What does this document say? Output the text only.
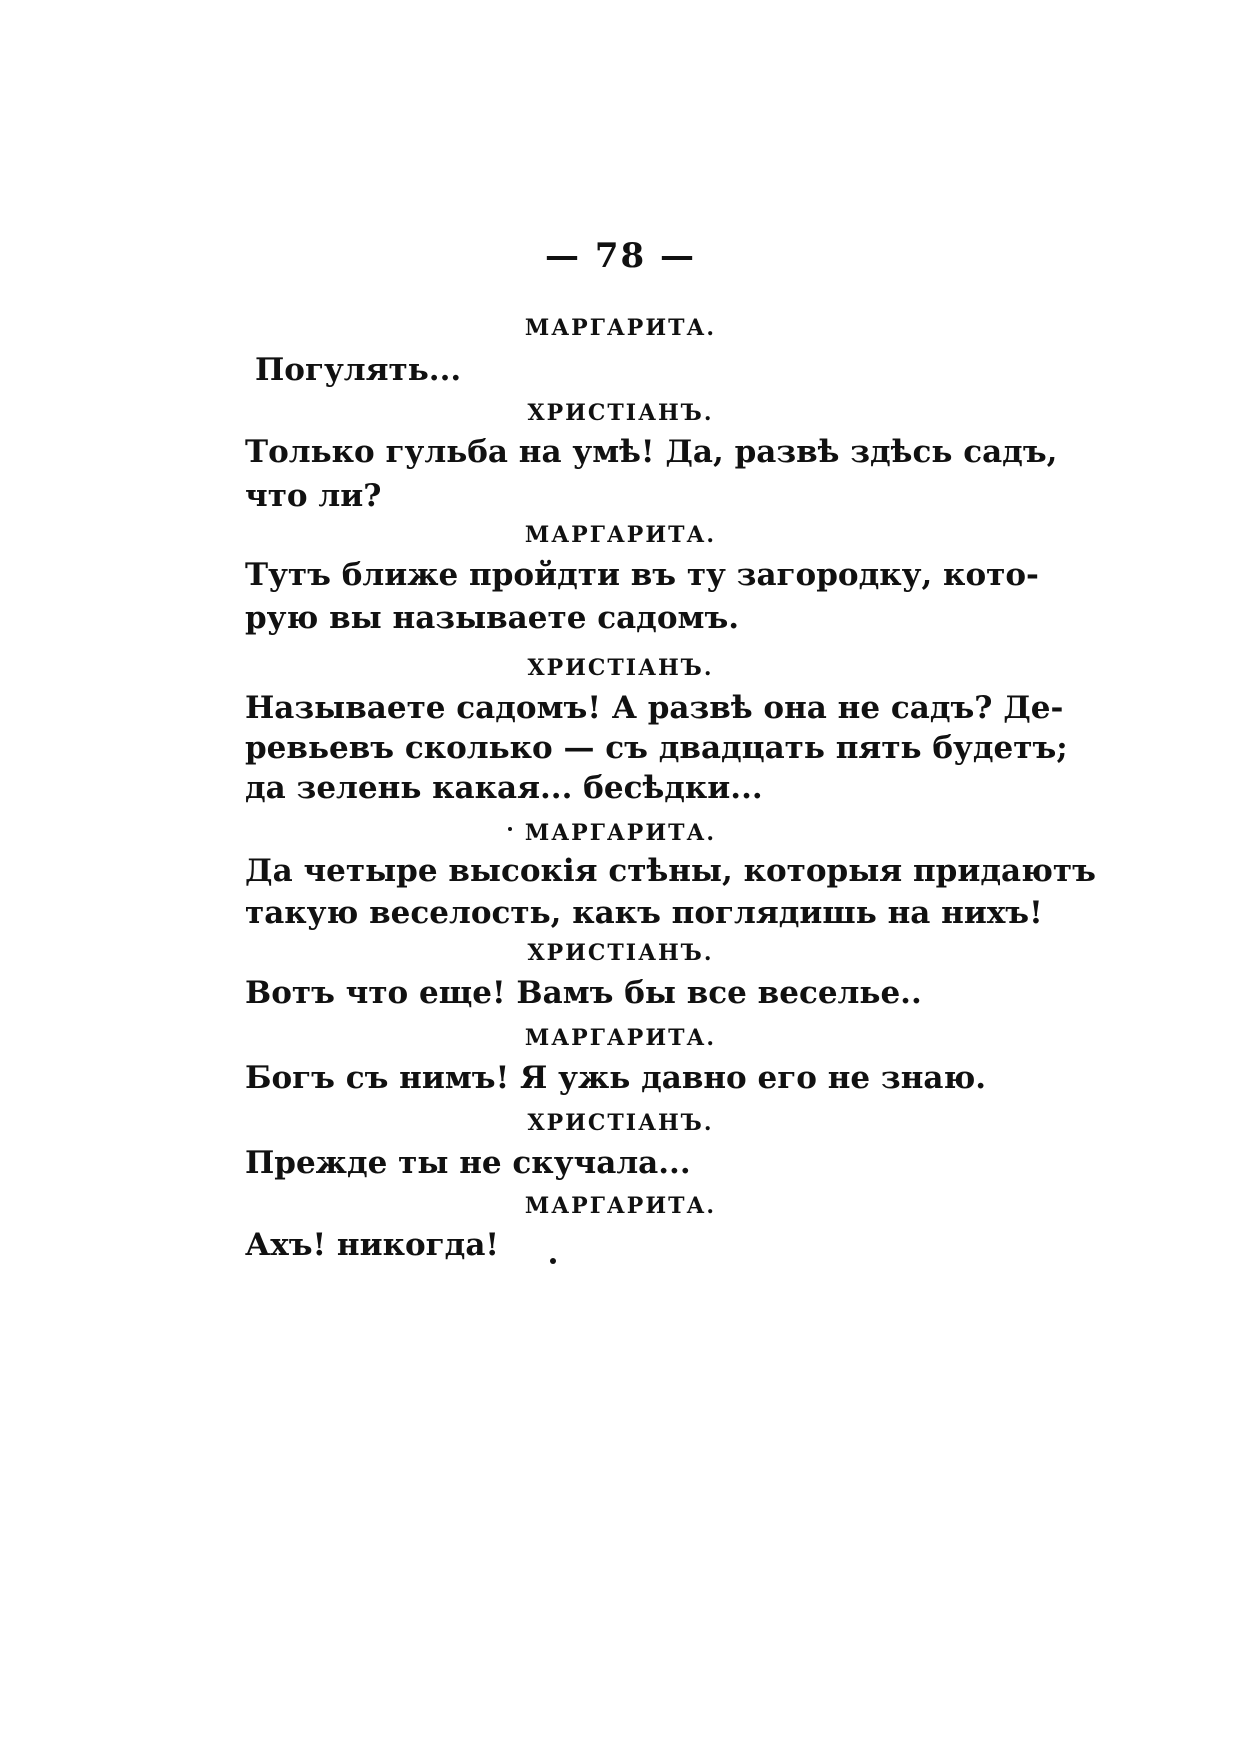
— 78 —
МАРГАРИТА.
Погулять...
ХРИСТІАНЪ.
Только гульба на умѣ! Да, развѣ здѣсь садъ,
что ли?
МАРГАРИТА.
Тутъ ближе пройдти въ ту загородку, кото-
рую вы называете садомъ.
ХРИСТІАНЪ.
Называете садомъ! А развѣ она не садъ? Де-
ревьевъ сколько — съ двадцать пять будетъ;
да зелень какая... бесѣдки...
МАРГАРИТА.
Да четыре высокія стѣны, которыя придаютъ
такую веселость, какъ поглядишь на нихъ!
ХРИСТІАНЪ.
Вотъ что еще! Вамъ бы все веселье..
МАРГАРИТА.
Богъ съ нимъ! Я ужь давно его не знаю.
ХРИСТІАНЪ.
Прежде ты не скучала...
МАРГАРИТА.
Ахъ! никогда!
